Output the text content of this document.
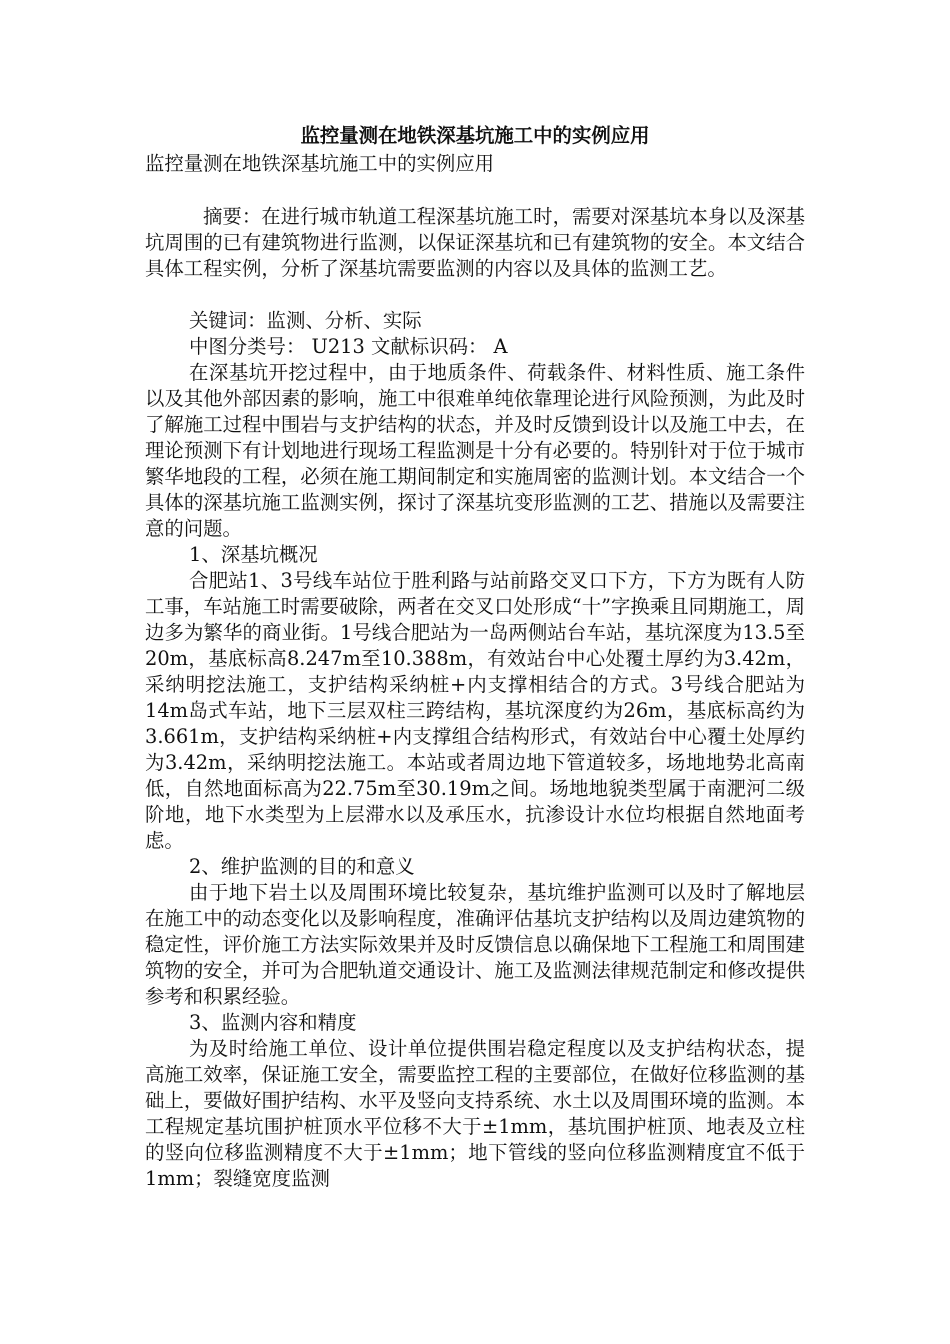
监控量测在地铁深基坑施工中的实例应用

监控量测在地铁深基坑施工中的实例应用

摘要：在进行城市轨道工程深基坑施工时，需要对深基坑本身以及深基坑周围的已有建筑物进行监测，以保证深基坑和已有建筑物的安全。本文结合具体工程实例，分析了深基坑需要监测的内容以及具体的监测工艺。

关键词：监测、分析、实际

中图分类号： U213 文献标识码： A

在深基坑开挖过程中，由于地质条件、荷载条件、材料性质、施工条件以及其他外部因素的影响，施工中很难单纯依靠理论进行风险预测，为此及时了解施工过程中围岩与支护结构的状态，并及时反馈到设计以及施工中去，在理论预测下有计划地进行现场工程监测是十分有必要的。特别针对于位于城市繁华地段的工程，必须在施工期间制定和实施周密的监测计划。本文结合一个具体的深基坑施工监测实例，探讨了深基坑变形监测的工艺、措施以及需要注意的问题。

1、深基坑概况

合肥站1、3号线车站位于胜利路与站前路交叉口下方，下方为既有人防工事，车站施工时需要破除，两者在交叉口处形成“十”字换乘且同期施工，周边多为繁华的商业街。1号线合肥站为一岛两侧站台车站，基坑深度为13.5至20m，基底标高8.247m至10.388m，有效站台中心处覆土厚约为3.42m，采纳明挖法施工，支护结构采纳桩+内支撑相结合的方式。3号线合肥站为14m岛式车站，地下三层双柱三跨结构，基坑深度约为26m，基底标高约为3.661m，支护结构采纳桩+内支撑组合结构形式，有效站台中心覆土处厚约为3.42m，采纳明挖法施工。本站或者周边地下管道较多，场地地势北高南低，自然地面标高为22.75m至30.19m之间。场地地貌类型属于南淝河二级阶地，地下水类型为上层滞水以及承压水，抗渗设计水位均根据自然地面考虑。

2、维护监测的目的和意义

由于地下岩土以及周围环境比较复杂，基坑维护监测可以及时了解地层在施工中的动态变化以及影响程度，准确评估基坑支护结构以及周边建筑物的稳定性，评价施工方法实际效果并及时反馈信息以确保地下工程施工和周围建筑物的安全，并可为合肥轨道交通设计、施工及监测法律规范制定和修改提供参考和积累经验。

3、监测内容和精度

为及时给施工单位、设计单位提供围岩稳定程度以及支护结构状态，提高施工效率，保证施工安全，需要监控工程的主要部位，在做好位移监测的基础上，要做好围护结构、水平及竖向支持系统、水土以及周围环境的监测。本工程规定基坑围护桩顶水平位移不大于±1mm，基坑围护桩顶、地表及立柱的竖向位移监测精度不大于±1mm；地下管线的竖向位移监测精度宜不低于1mm；裂缝宽度监测
